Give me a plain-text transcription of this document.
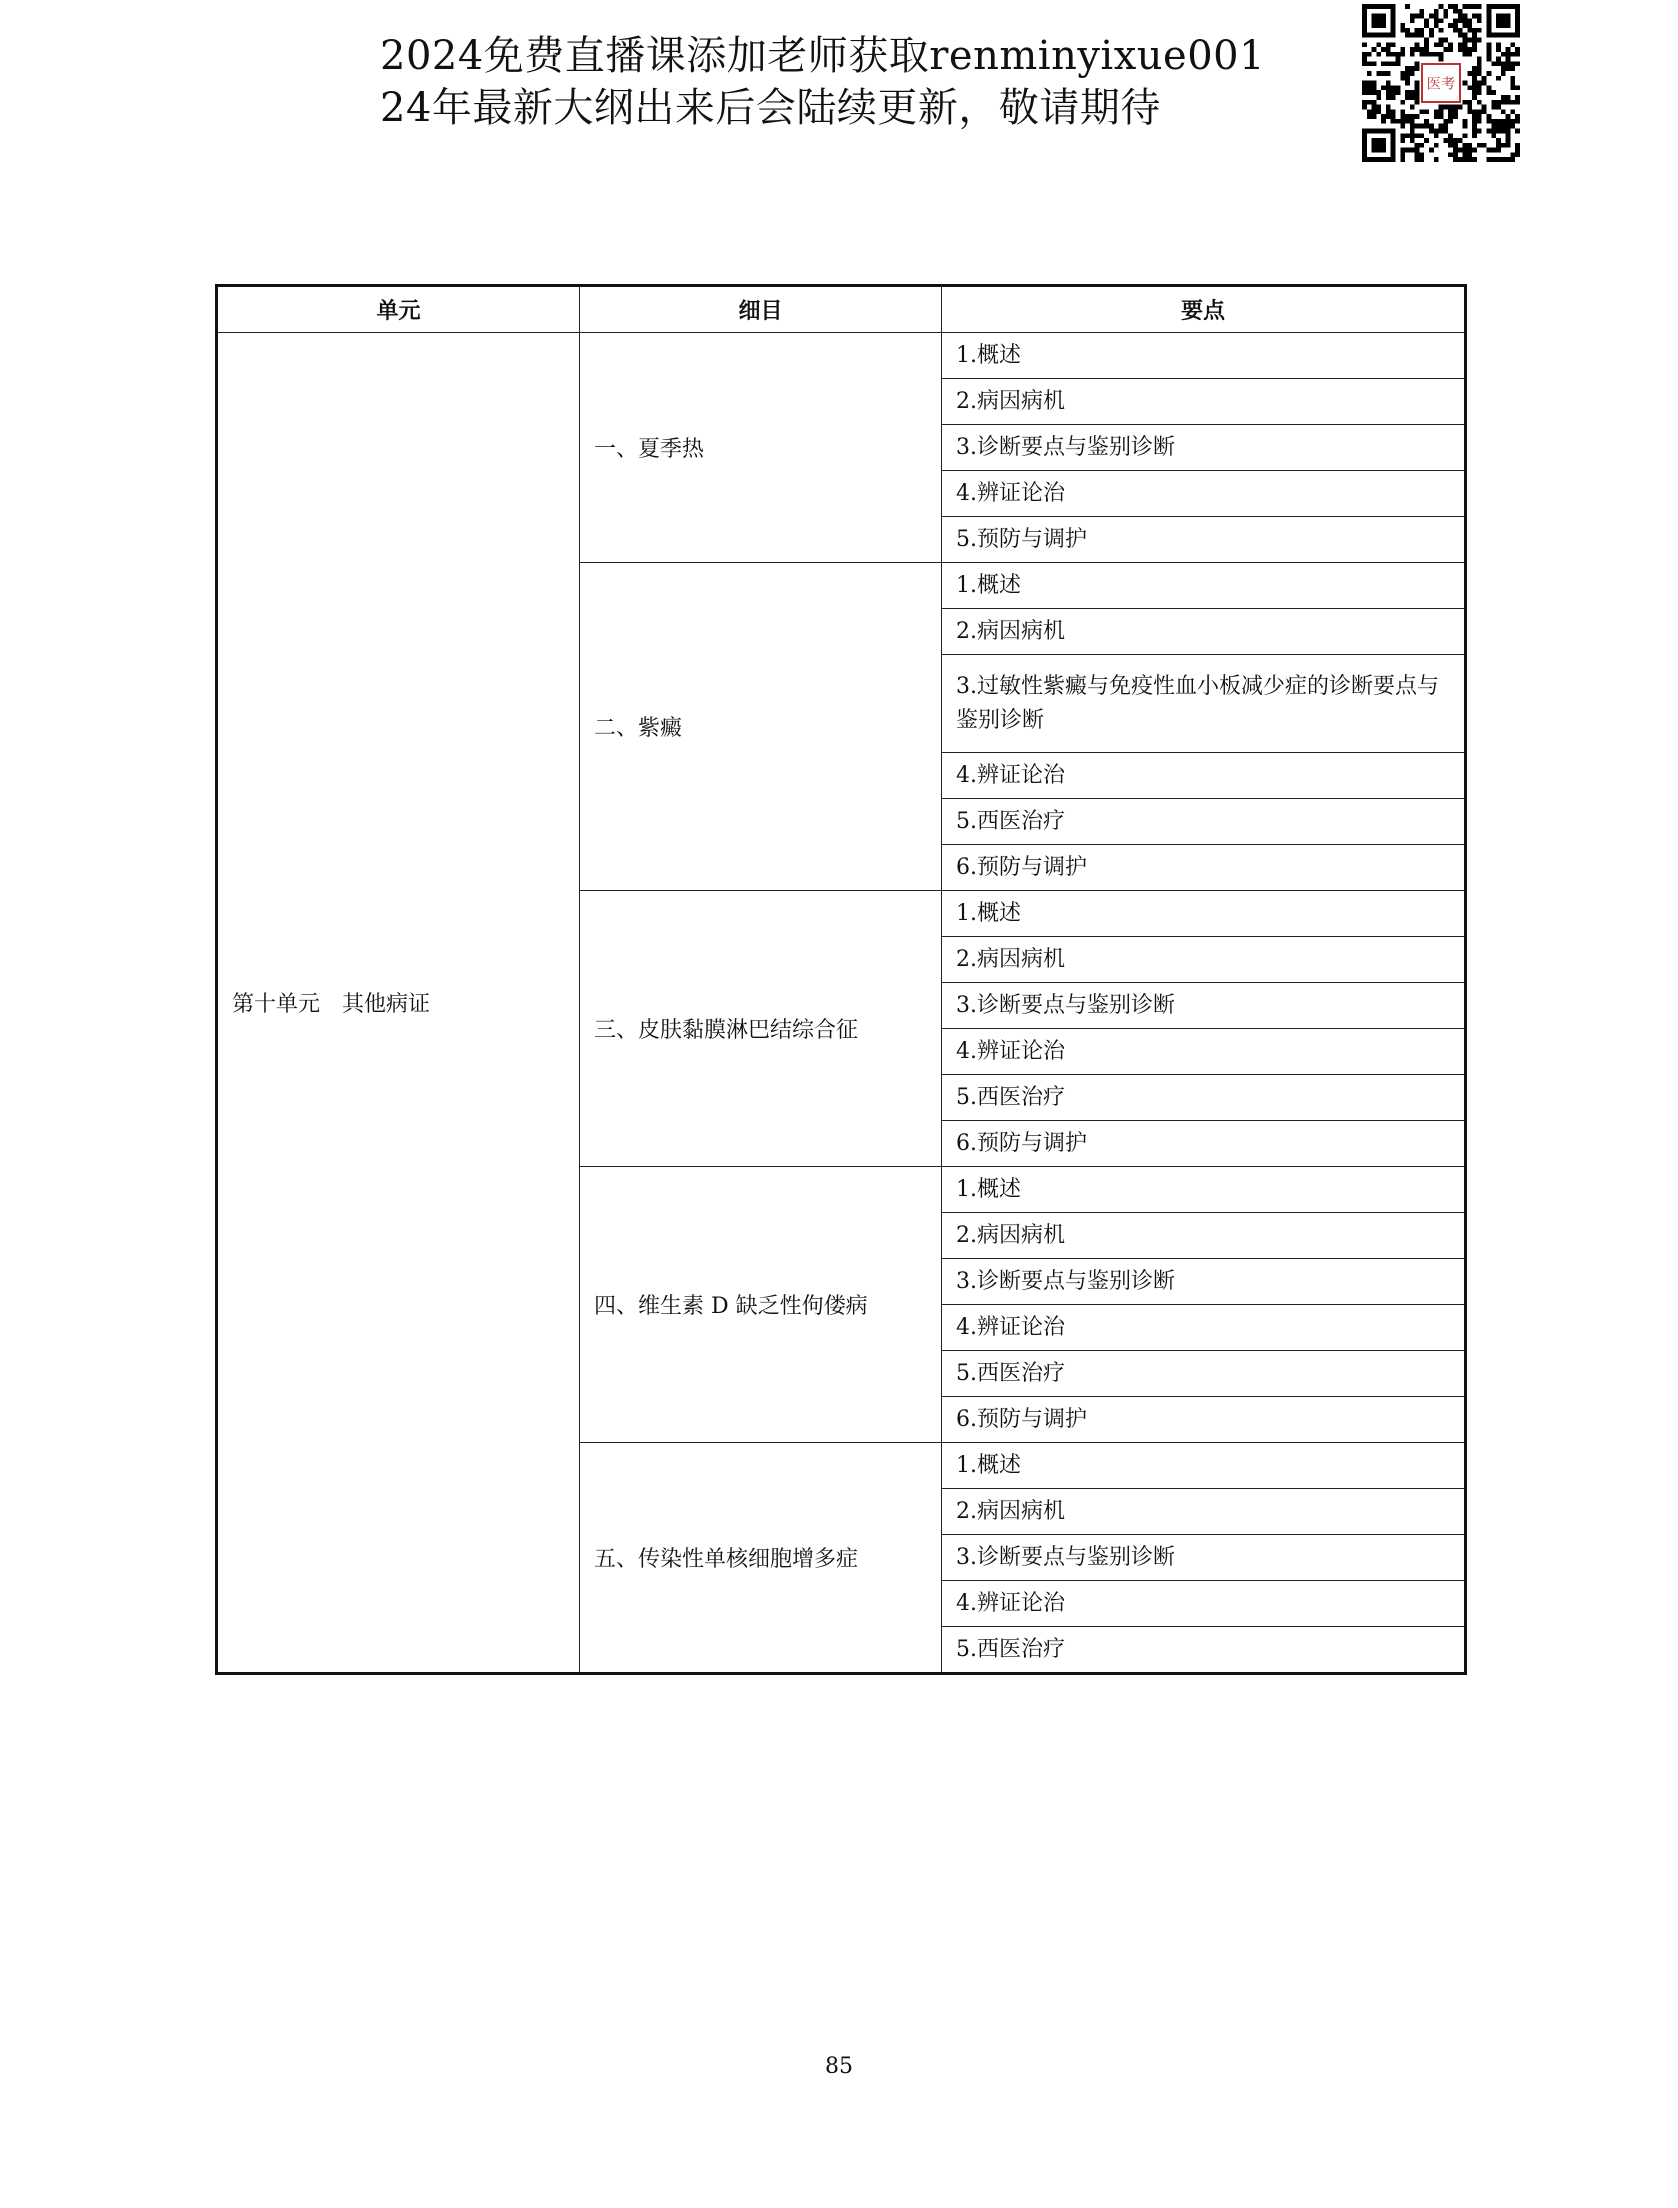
2024免费直播课添加老师获取renminyixue001
24年最新大纲出来后会陆续更新，敬请期待
医考
单元	细目	要点
第十单元　其他病证	一、夏季热	1.概述
		2.病因病机
		3.诊断要点与鉴别诊断
		4.辨证论治
		5.预防与调护
	二、紫癜	1.概述
		2.病因病机
		3.过敏性紫癜与免疫性血小板减少症的诊断要点与鉴别诊断
		4.辨证论治
		5.西医治疗
		6.预防与调护
	三、皮肤黏膜淋巴结综合征	1.概述
		2.病因病机
		3.诊断要点与鉴别诊断
		4.辨证论治
		5.西医治疗
		6.预防与调护
	四、维生素 D 缺乏性佝偻病	1.概述
		2.病因病机
		3.诊断要点与鉴别诊断
		4.辨证论治
		5.西医治疗
		6.预防与调护
	五、传染性单核细胞增多症	1.概述
		2.病因病机
		3.诊断要点与鉴别诊断
		4.辨证论治
		5.西医治疗
85
